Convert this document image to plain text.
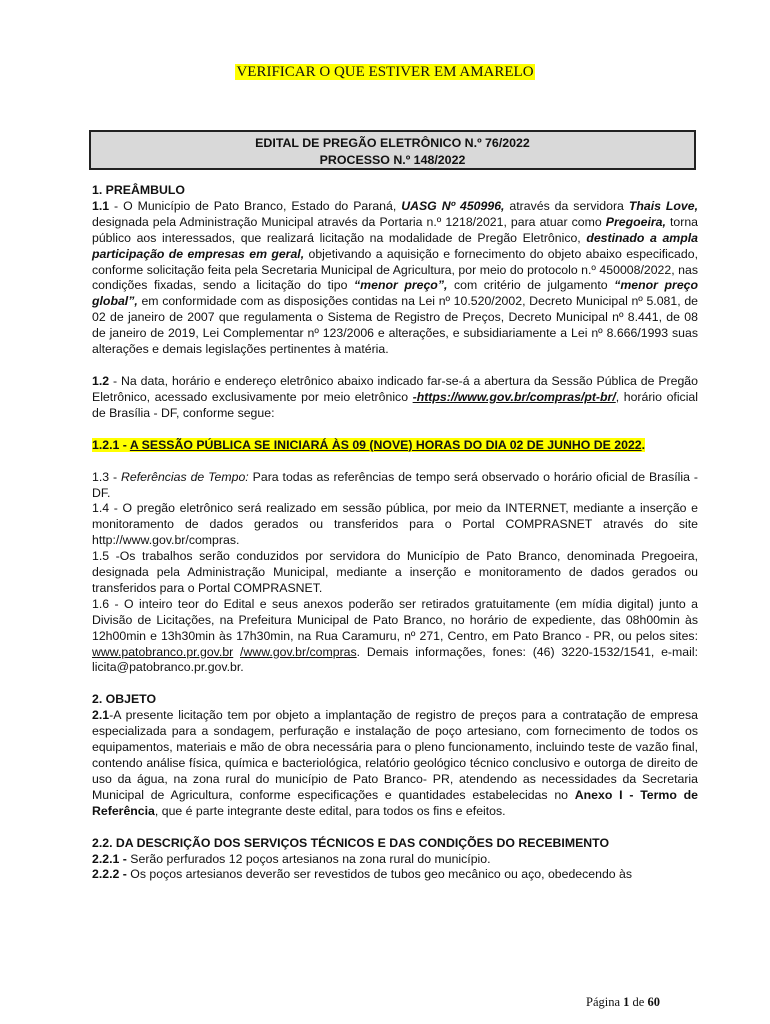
VERIFICAR O QUE ESTIVER EM AMARELO
EDITAL DE PREGÃO ELETRÔNICO N.º 76/2022
PROCESSO N.º 148/2022

1. PREÂMBULO

1.1 - O Município de Pato Branco, Estado do Paraná, UASG Nº 450996, através da servidora Thais Love, designada pela Administração Municipal através da Portaria n.º 1218/2021, para atuar como Pregoeira, torna público aos interessados, que realizará licitação na modalidade de Pregão Eletrônico, destinado a ampla participação de empresas em geral, objetivando a aquisição e fornecimento do objeto abaixo especificado, conforme solicitação feita pela Secretaria Municipal de Agricultura, por meio do protocolo n.º 450008/2022, nas condições fixadas, sendo a licitação do tipo “menor preço”, com critério de julgamento “menor preço global”, em conformidade com as disposições contidas na Lei nº 10.520/2002, Decreto Municipal nº 5.081, de 02 de janeiro de 2007 que regulamenta o Sistema de Registro de Preços, Decreto Municipal nº 8.441, de 08 de janeiro de 2019, Lei Complementar nº 123/2006 e alterações, e subsidiariamente a Lei nº 8.666/1993 suas alterações e demais legislações pertinentes à matéria.

1.2 - Na data, horário e endereço eletrônico abaixo indicado far-se-á a abertura da Sessão Pública de Pregão Eletrônico, acessado exclusivamente por meio eletrônico -https://www.gov.br/compras/pt-br/, horário oficial de Brasília - DF, conforme segue:

1.2.1 - A SESSÃO PÚBLICA SE INICIARÁ ÀS 09 (NOVE) HORAS DO DIA 02 DE JUNHO DE 2022.

1.3 - Referências de Tempo: Para todas as referências de tempo será observado o horário oficial de Brasília - DF.

1.4 - O pregão eletrônico será realizado em sessão pública, por meio da INTERNET, mediante a inserção e monitoramento de dados gerados ou transferidos para o Portal COMPRASNET através do site http://www.gov.br/compras.

1.5 -Os trabalhos serão conduzidos por servidora do Município de Pato Branco, denominada Pregoeira, designada pela Administração Municipal, mediante a inserção e monitoramento de dados gerados ou transferidos para o Portal COMPRASNET.

1.6 - O inteiro teor do Edital e seus anexos poderão ser retirados gratuitamente (em mídia digital) junto a Divisão de Licitações, na Prefeitura Municipal de Pato Branco, no horário de expediente, das 08h00min às 12h00min e 13h30min às 17h30min, na Rua Caramuru, nº 271, Centro, em Pato Branco - PR, ou pelos sites: www.patobranco.pr.gov.br /www.gov.br/compras. Demais informações, fones: (46) 3220-1532/1541, e-mail: licita@patobranco.pr.gov.br.

2. OBJETO

2.1-A presente licitação tem por objeto a implantação de registro de preços para a contratação de empresa especializada para a sondagem, perfuração e instalação de poço artesiano, com fornecimento de todos os equipamentos, materiais e mão de obra necessária para o pleno funcionamento, incluindo teste de vazão final, contendo análise física, química e bacteriológica, relatório geológico técnico conclusivo e outorga de direito de uso da água, na zona rural do município de Pato Branco- PR, atendendo as necessidades da Secretaria Municipal de Agricultura, conforme especificações e quantidades estabelecidas no Anexo I - Termo de Referência, que é parte integrante deste edital, para todos os fins e efeitos.

2.2. DA DESCRIÇÃO DOS SERVIÇOS TÉCNICOS E DAS CONDIÇÕES DO RECEBIMENTO

2.2.1 - Serão perfurados 12 poços artesianos na zona rural do município.

2.2.2 - Os poços artesianos deverão ser revestidos de tubos geo mecânico ou aço, obedecendo às

Página 1 de 60
